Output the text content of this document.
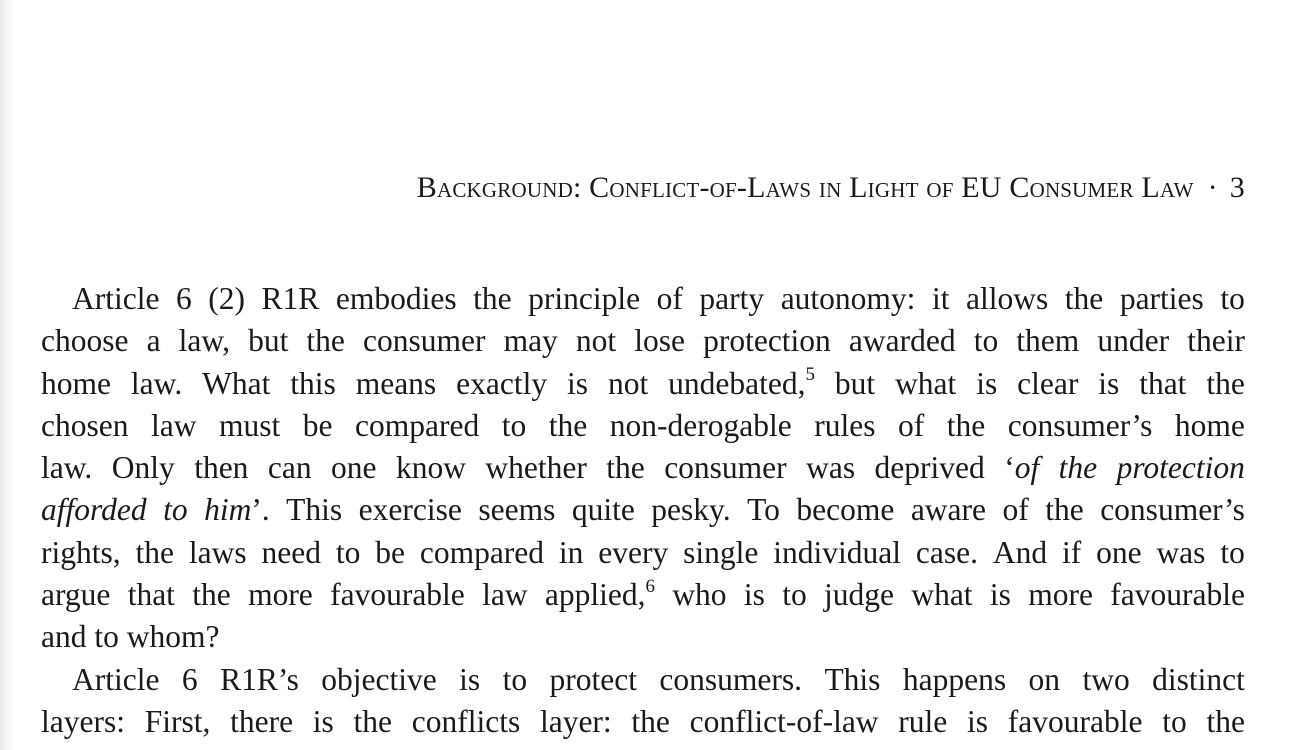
Background: Conflict-of-Laws in Light of EU Consumer Law · 3
Article 6 (2) R1R embodies the principle of party autonomy: it allows the parties to
choose a law, but the consumer may not lose protection awarded to them under their
home law. What this means exactly is not undebated,$^5$ but what is clear is that the
chosen law must be compared to the non-derogable rules of the consumer’s home
law. Only then can one know whether the consumer was deprived ‘of the protection
afforded to him’. This exercise seems quite pesky. To become aware of the consumer’s
rights, the laws need to be compared in every single individual case. And if one was to
argue that the more favourable law applied,$^6$ who is to judge what is more favourable
and to whom?
Article 6 R1R’s objective is to protect consumers. This happens on two distinct
layers: First, there is the conflicts layer: the conflict-of-law rule is favourable to the
